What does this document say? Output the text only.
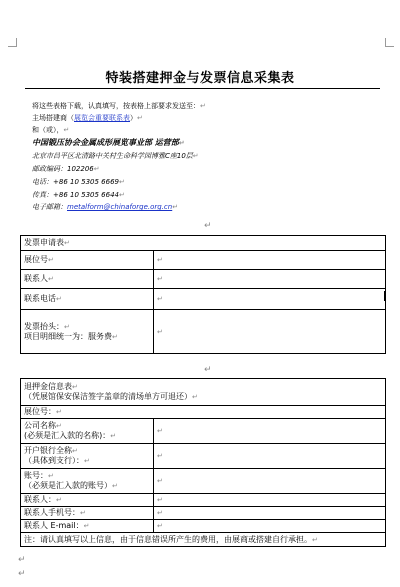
特装搭建押金与发票信息采集表
将这些表格下载，认真填写，按表格上部要求发送至：↵
主场搭建商（展览会重要联系表）↵
和（或），↵
中国锻压协会金属成形展览事业部 运营部↵
北京市昌平区北清路中关村生命科学园博雅C座10层↵
邮政编码：102206↵
电话：+86 10 5305 6669↵
传真：+86 10 5305 6644↵
电子邮箱：metalform@chinaforge.org.cn↵
↵
发票申请表↵	
展位号↵	↵
联系人↵	↵
联系电话↵	↵
发票抬头：↵
项目明细统一为：服务费↵	↵
↵
退押金信息表↵
（凭展馆保安保洁签字盖章的清场单方可退还）↵	
展位号：↵	
公司名称↵
(必须是汇入款的名称)：↵	↵
开户银行全称↵
（具体到支行）：↵	↵
账号：↵
（必须是汇入款的账号）↵	↵
联系人：↵	↵
联系人手机号：↵	↵
联系人 E-mail：↵	↵
注：请认真填写以上信息，由于信息错误所产生的费用，由展商或搭建自行承担。↵	
↵
↵
